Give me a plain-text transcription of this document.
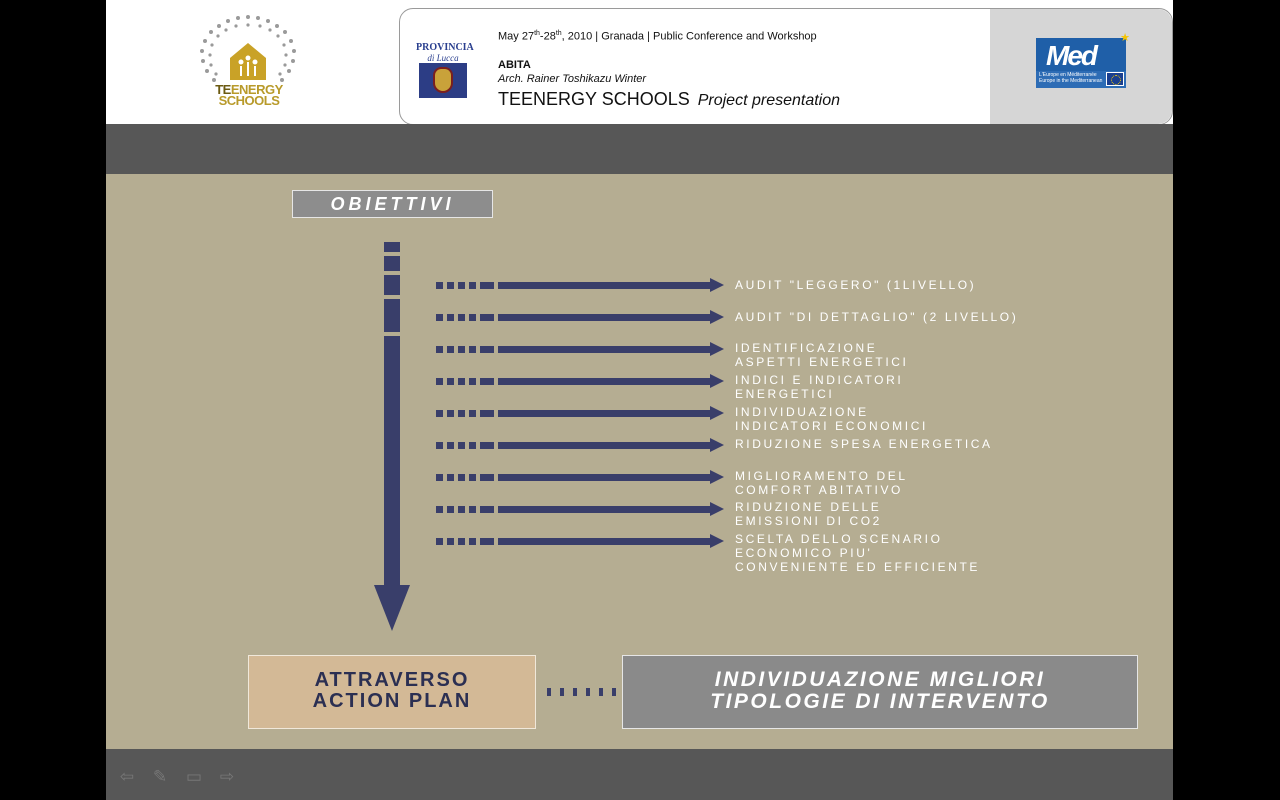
TEENERGY
SCHOOLS
PROVINCIA
di Lucca
May 27th-28th, 2010 | Granada | Public Conference and Workshop
ABITA
Arch. Rainer Toshikazu Winter
TEENERGY SCHOOLS Project presentation
Med
★
L'Europe en Méditerranée
Europe in the Mediterranean
⇦ ✎ ▭ ⇨
OBIETTIVI
AUDIT "LEGGERO" (1LIVELLO)
AUDIT "DI DETTAGLIO" (2 LIVELLO)
IDENTIFICAZIONE
ASPETTI ENERGETICI
INDICI E INDICATORI
ENERGETICI
INDIVIDUAZIONE
INDICATORI ECONOMICI
RIDUZIONE SPESA ENERGETICA
MIGLIORAMENTO DEL
COMFORT ABITATIVO
RIDUZIONE DELLE
EMISSIONI DI CO2
SCELTA DELLO SCENARIO
ECONOMICO PIU'
CONVENIENTE ED EFFICIENTE
ATTRAVERSO
ACTION PLAN
INDIVIDUAZIONE MIGLIORI
TIPOLOGIE DI INTERVENTO
